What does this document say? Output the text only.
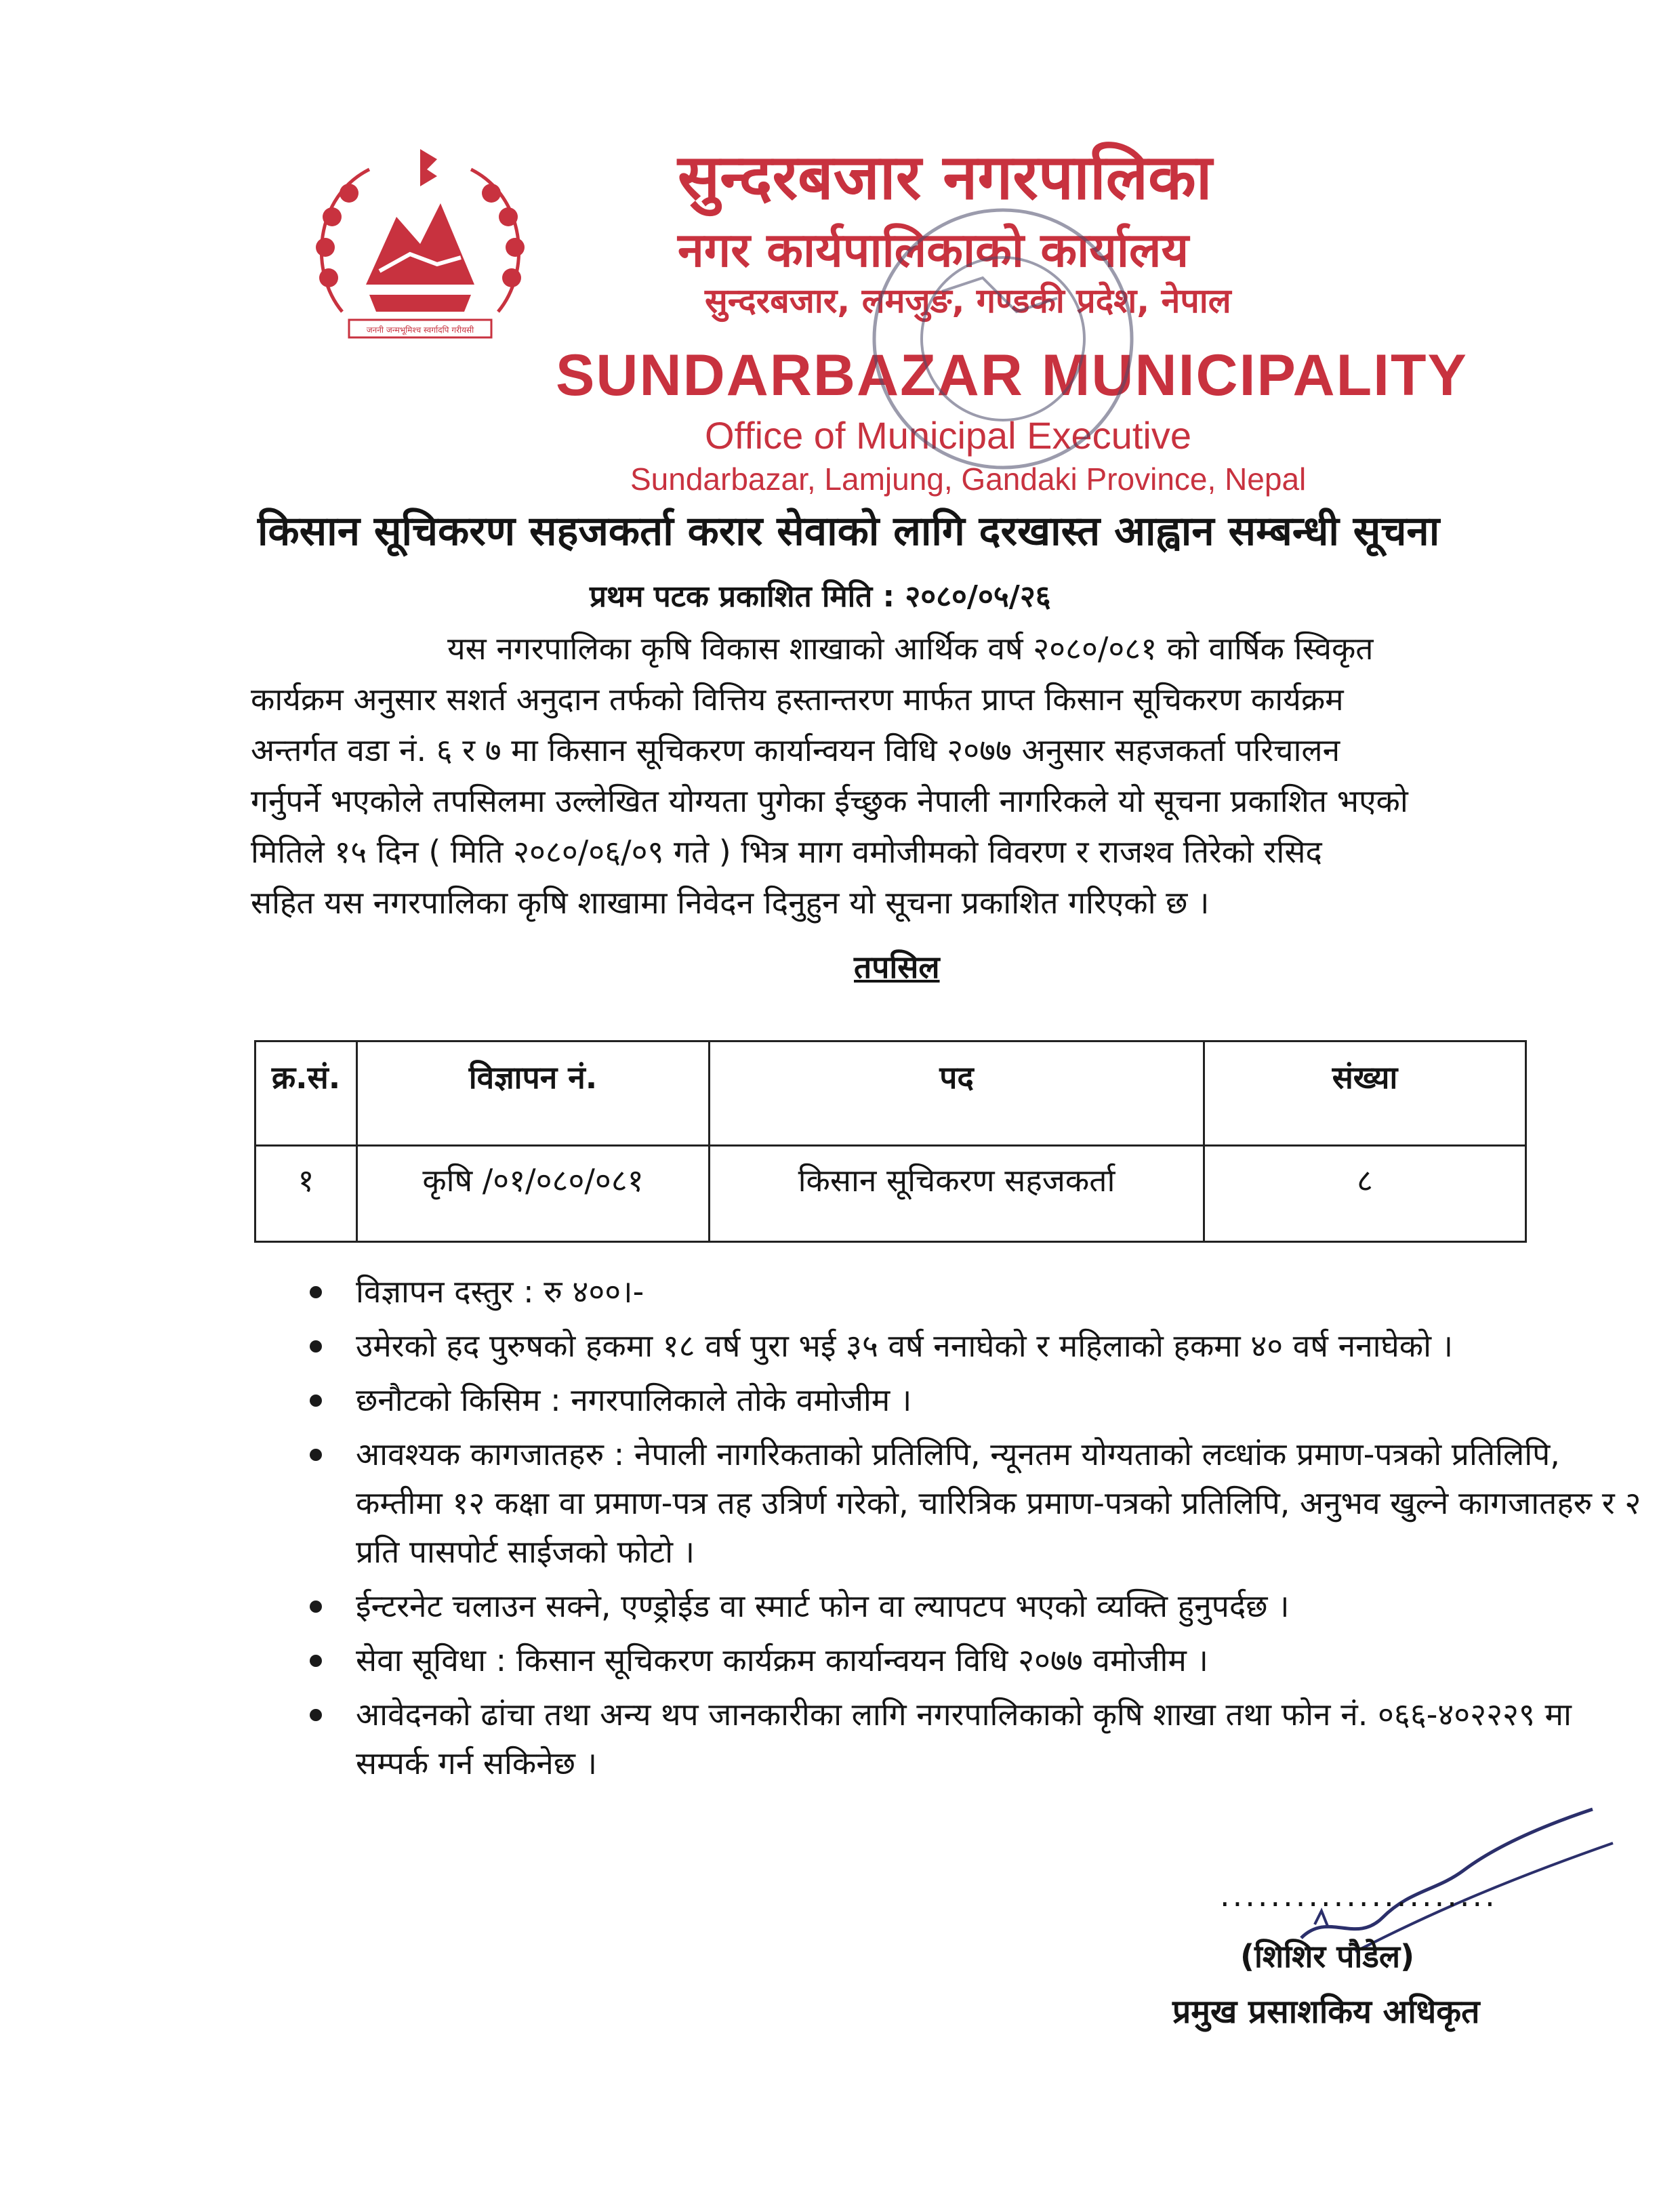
जननी जन्मभूमिश्च स्वर्गादपि गरीयसी
सुन्दरबजार नगरपालिका
नगर कार्यपालिकाको कार्यालय
सुन्दरबजार, लमजुङ, गण्डकी प्रदेश, नेपाल
SUNDARBAZAR MUNICIPALITY
Office of Municipal Executive
Sundarbazar, Lamjung, Gandaki Province, Nepal
किसान सूचिकरण सहजकर्ता करार सेवाको लागि दरखास्त आह्वान सम्बन्धी सूचना
प्रथम पटक प्रकाशित मिति : २०८०/०५/२६
यस नगरपालिका कृषि विकास शाखाको आर्थिक वर्ष २०८०/०८१ को वार्षिक स्विकृत
कार्यक्रम अनुसार सशर्त अनुदान तर्फको वित्तिय हस्तान्तरण मार्फत प्राप्त किसान सूचिकरण कार्यक्रम
अन्तर्गत वडा नं. ६ र ७ मा किसान सूचिकरण कार्यान्वयन विधि २०७७ अनुसार सहजकर्ता परिचालन
गर्नुपर्ने भएकोले तपसिलमा उल्लेखित योग्यता पुगेका ईच्छुक नेपाली नागरिकले यो सूचना प्रकाशित भएको
मितिले १५ दिन ( मिति २०८०/०६/०९ गते ) भित्र माग वमोजीमको विवरण र राजश्व तिरेको रसिद
सहित यस नगरपालिका कृषि शाखामा निवेदन दिनुहुन यो सूचना प्रकाशित गरिएको छ ।
तपसिल
क्र.सं.	विज्ञापन नं.	पद	संख्या
१	कृषि /०१/०८०/०८१	किसान सूचिकरण सहजकर्ता	८
विज्ञापन दस्तुर : रु ४००।-
उमेरको हद पुरुषको हकमा १८ वर्ष पुरा भई ३५ वर्ष ननाघेको र महिलाको हकमा ४० वर्ष ननाघेको ।
छनौटको किसिम : नगरपालिकाले तोके वमोजीम ।
आवश्यक कागजातहरु : नेपाली नागरिकताको प्रतिलिपि, न्यूनतम योग्यताको लव्धांक प्रमाण-पत्रको प्रतिलिपि, कम्तीमा १२ कक्षा वा प्रमाण-पत्र तह उत्रिर्ण गरेको, चारित्रिक प्रमाण-पत्रको प्रतिलिपि, अनुभव खुल्ने कागजातहरु र २ प्रति पासपोर्ट साईजको फोटो ।
ईन्टरनेट चलाउन सक्ने, एण्ड्रोईड वा स्मार्ट फोन वा ल्यापटप भएको व्यक्ति हुनुपर्दछ ।
सेवा सूविधा : किसान सूचिकरण कार्यक्रम कार्यान्वयन विधि २०७७ वमोजीम ।
आवेदनको ढांचा तथा अन्य थप जानकारीका लागि नगरपालिकाको कृषि शाखा तथा फोन नं. ०६६-४०२२२९ मा सम्पर्क गर्न सकिनेछ ।
......................
(शिशिर पौडेल)
प्रमुख प्रसाशकिय अधिकृत
